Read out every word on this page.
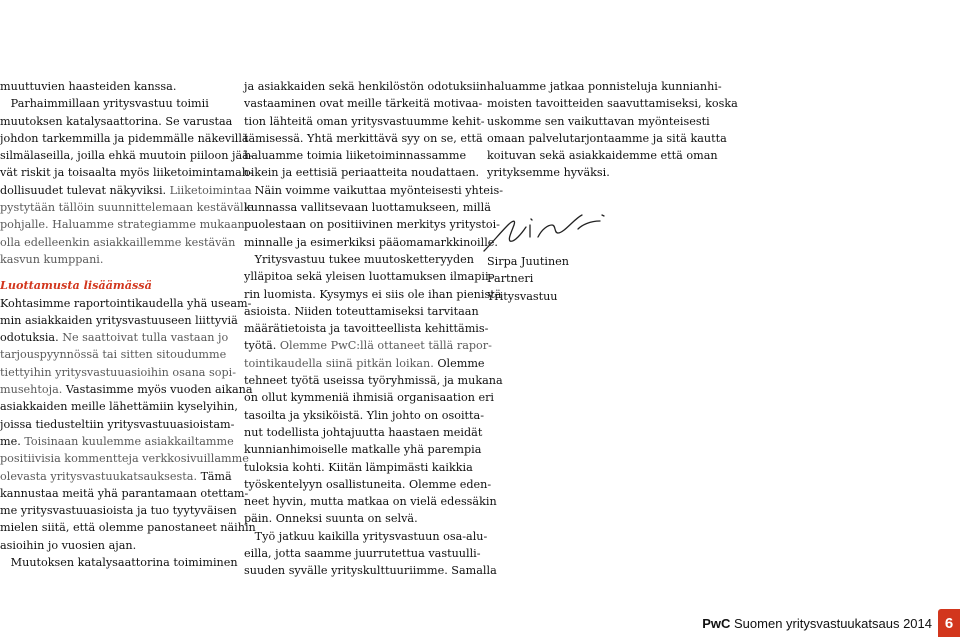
muuttuvien haasteiden kanssa.
Parhaimmillaan yritysvastuu toimii
muutoksen katalysaattorina. Se varustaa
johdon tarkemmilla ja pidemmälle näkevillä
silmälaseilla, joilla ehkä muutoin piiloon jää-
vät riskit ja toisaalta myös liiketoimintamah-
dollisuudet tulevat näkyviksi. Liiketoimintaa
pystytään tällöin suunnittelemaan kestävälle
pohjalle. Haluamme strategiamme mukaan
olla edelleenkin asiakkaillemme kestävän
kasvun kumppani.
Luottamusta lisäämässä
Kohtasimme raportointikaudella yhä useam-
min asiakkaiden yritysvastuuseen liittyviä
odotuksia. Ne saattoivat tulla vastaan jo
tarjouspyynnössä tai sitten sitoudumme
tiettyihin yritysvastuuasioihin osana sopi-
musehtoja. Vastasimme myös vuoden aikana
asiakkaiden meille lähettämiin kyselyihin,
joissa tiedusteltiin yritysvastuuasioistam-
me. Toisinaan kuulemme asiakkailtamme
positiivisia kommentteja verkkosivuillamme
olevasta yritysvastuukatsauksesta. Tämä
kannustaa meitä yhä parantamaan otettam-
me yritysvastuuasioista ja tuo tyytyväisen
mielen siitä, että olemme panostaneet näihin
asioihin jo vuosien ajan.
Muutoksen katalysaattorina toimiminen
ja asiakkaiden sekä henkilöstön odotuksiin
vastaaminen ovat meille tärkeitä motivaa-
tion lähteitä oman yritysvastuumme kehit-
tämisessä. Yhtä merkittävä syy on se, että
haluamme toimia liiketoiminnassamme
oikein ja eettisiä periaatteita noudattaen.
Näin voimme vaikuttaa myönteisesti yhteis-
kunnassa vallitsevaan luottamukseen, millä
puolestaan on positiivinen merkitys yritystoi-
minnalle ja esimerkiksi pääomamarkkinoille.
Yritysvastuu tukee muutosketteryyden
ylläpitoa sekä yleisen luottamuksen ilmapii-
rin luomista. Kysymys ei siis ole ihan pienistä
asioista. Niiden toteuttamiseksi tarvitaan
määrätietoista ja tavoitteellista kehittämis-
työtä. Olemme PwC:llä ottaneet tällä rapor-
tointikaudella siinä pitkän loikan. Olemme
tehneet työtä useissa työryhmissä, ja mukana
on ollut kymmeniä ihmisiä organisaation eri
tasoilta ja yksiköistä. Ylin johto on osoitta-
nut todellista johtajuutta haastaen meidät
kunnianhimoiselle matkalle yhä parempia
tuloksia kohti. Kiitän lämpimästi kaikkia
työskentelyyn osallistuneita. Olemme eden-
neet hyvin, mutta matkaa on vielä edessäkin
päin. Onneksi suunta on selvä.
Työ jatkuu kaikilla yritysvastuun osa-alu-
eilla, jotta saamme juurrutettua vastuulli-
suuden syvälle yrityskulttuuriimme. Samalla
haluamme jatkaa ponnisteluja kunnianhi-
moisten tavoitteiden saavuttamiseksi, koska
uskomme sen vaikuttavan myönteisesti
omaan palvelutarjontaamme ja sitä kautta
koituvan sekä asiakkaidemme että oman
yrityksemme hyväksi.
Sirpa Juutinen
Partneri
Yritysvastuu
PwC Suomen yritysvastuukatsaus 2014 6
